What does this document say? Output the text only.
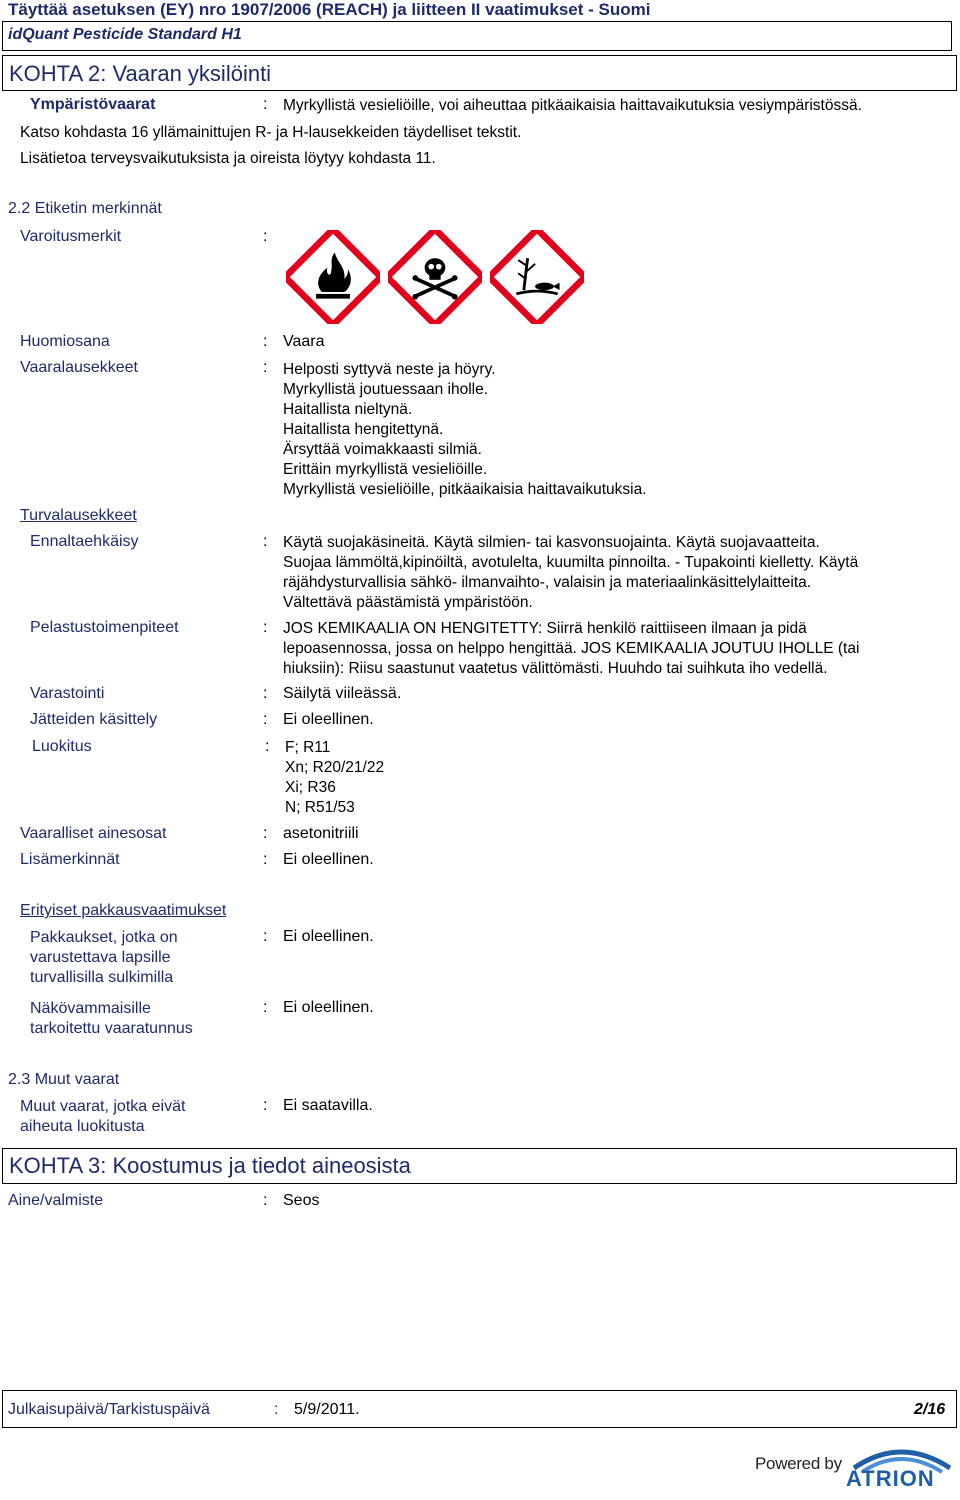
Täyttää asetuksen (EY) nro 1907/2006 (REACH) ja liitteen II vaatimukset - Suomi
idQuant Pesticide Standard H1
KOHTA 2: Vaaran yksilöinti
Ympäristövaarat	: Myrkyllistä vesieliöille, voi aiheuttaa pitkäaikaisia haittavaikutuksia vesiympäristössä.
Katso kohdasta 16 yllämainittujen R- ja H-lausekkeiden täydelliset tekstit.
Lisätietoa terveysvaikutuksista ja oireista löytyy kohdasta 11.
2.2 Etiketin merkinnät
Varoitusmerkit	:
Huomiosana	: Vaara
Vaaralausekkeet	: Helposti syttyvä neste ja höyry.
Myrkyllistä joutuessaan iholle.
Haitallista nieltynä.
Haitallista hengitettynä.
Ärsyttää voimakkaasti silmiä.
Erittäin myrkyllistä vesieliöille.
Myrkyllistä vesieliöille, pitkäaikaisia haittavaikutuksia.
Turvalausekkeet
Ennaltaehkäisy	: Käytä suojakäsineitä. Käytä silmien- tai kasvonsuojainta. Käytä suojavaatteita.
Suojaa lämmöltä,kipinöiltä, avotulelta, kuumilta pinnoilta. - Tupakointi kielletty. Käytä
räjähdysturvallisia sähkö- ilmanvaihto-, valaisin ja materiaalinkäsittelylaitteita.
Vältettävä päästämistä ympäristöön.
Pelastustoimenpiteet	: JOS KEMIKAALIA ON HENGITETTY: Siirrä henkilö raittiiseen ilmaan ja pidä
lepoasennossa, jossa on helppo hengittää. JOS KEMIKAALIA JOUTUU IHOLLE (tai
hiuksiin): Riisu saastunut vaatetus välittömästi. Huuhdo tai suihkuta iho vedellä.
Varastointi	: Säilytä viileässä.
Jätteiden käsittely	: Ei oleellinen.
Luokitus	: F; R11
Xn; R20/21/22
Xi; R36
N; R51/53
Vaaralliset ainesosat	: asetonitriili
Lisämerkinnät	: Ei oleellinen.
Erityiset pakkausvaatimukset
Pakkaukset, jotka on
varustettava lapsille
turvallisilla sulkimilla
: Ei oleellinen.
Näkövammaisille
tarkoitettu vaaratunnus
: Ei oleellinen.
2.3 Muut vaarat
Muut vaarat, jotka eivät
aiheuta luokitusta
: Ei saatavilla.
KOHTA 3: Koostumus ja tiedot aineosista
Aine/valmiste	: Seos
Julkaisupäivä/Tarkistuspäivä	: 5/9/2011.	2/16
Powered by
ATRION
